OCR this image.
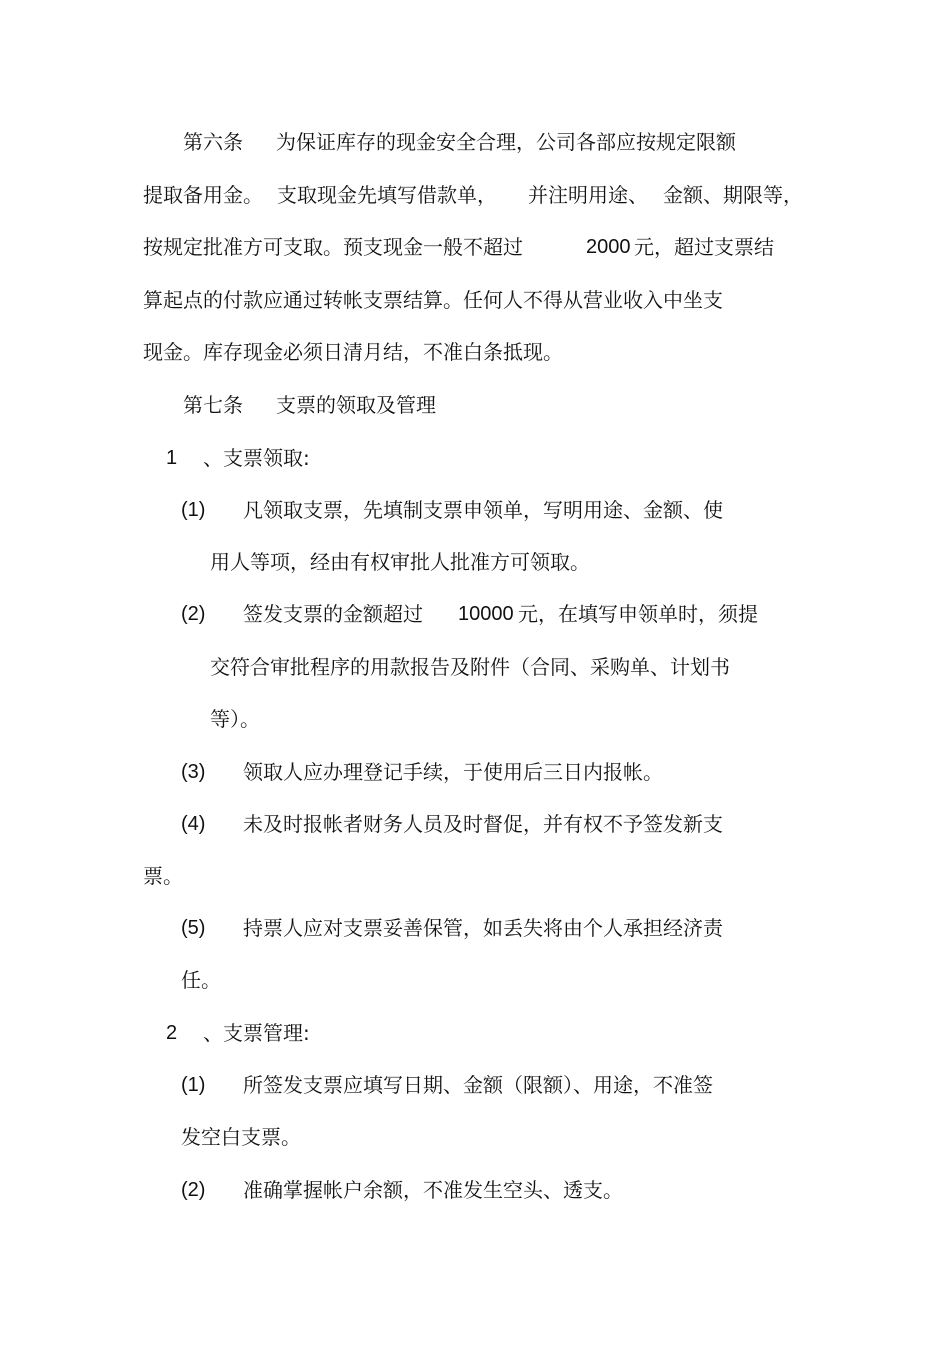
第六条 为保证库存的现金安全合理，公司各部应按规定限额
提取备用金。 支取现金先填写借款单， 并注明用途、 金额、期限等，
按规定批准方可支取。预支现金一般不超过	2000 元，超过支票结
算起点的付款应通过转帐支票结算。任何人不得从营业收入中坐支
现金。库存现金必须日清月结，不准白条抵现。
第七条 支票的领取及管理
1 、支票领取:
(1) 凡领取支票，先填制支票申领单，写明用途、金额、使
用人等项，经由有权审批人批准方可领取。
(2) 签发支票的金额超过 10000 元，在填写申领单时，须提
交符合审批程序的用款报告及附件（合同、采购单、计划书
等）。
(3) 领取人应办理登记手续，于使用后三日内报帐。
(4) 未及时报帐者财务人员及时督促，并有权不予签发新支
票。
(5) 持票人应对支票妥善保管，如丢失将由个人承担经济责
任。
2 、支票管理:
(1) 所签发支票应填写日期、金额（限额）、用途，不准签
发空白支票。
(2) 准确掌握帐户余额，不准发生空头、透支。
